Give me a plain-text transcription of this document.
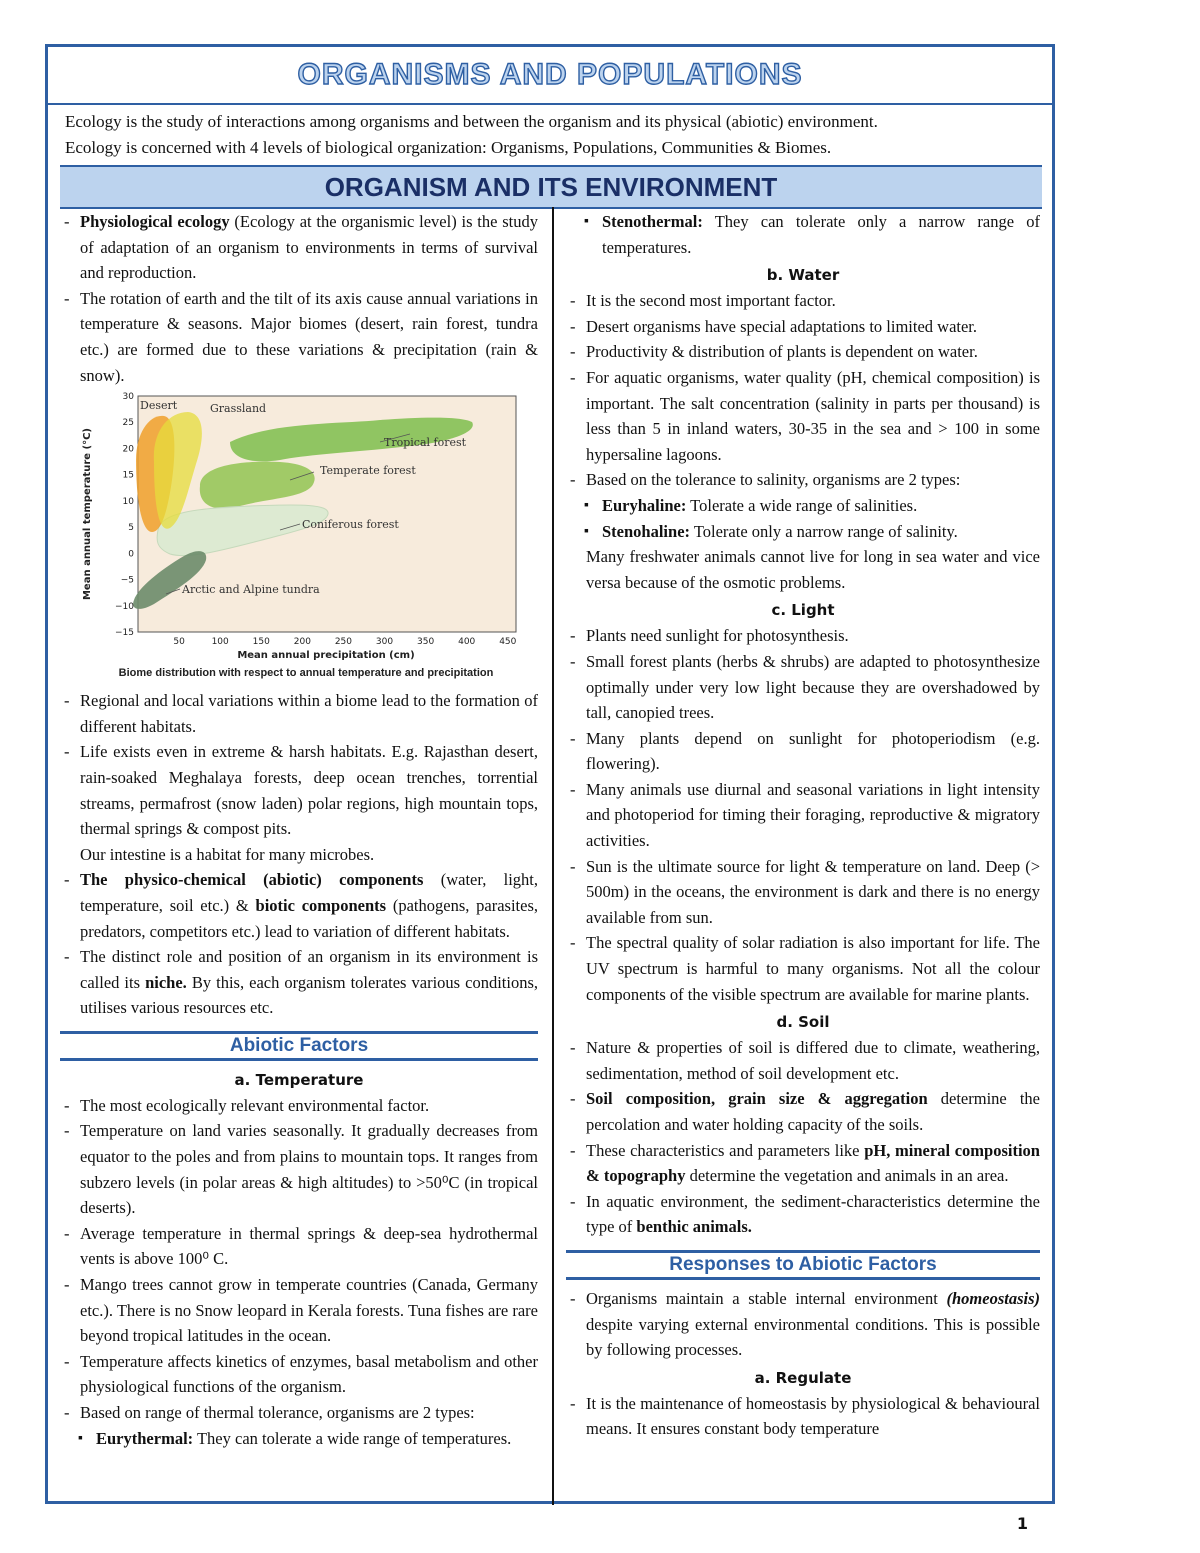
ORGANISMS AND POPULATIONS

Ecology is the study of interactions among organisms and between the organism and its physical (abiotic) environment.

Ecology is concerned with 4 levels of biological organization: Organisms, Populations, Communities & Biomes.

ORGANISM AND ITS ENVIRONMENT

- Physiological ecology (Ecology at the organismic level) is the study of adaptation of an organism to environments in terms of survival and reproduction.

- The rotation of earth and the tilt of its axis cause annual variations in temperature & seasons. Major biomes (desert, rain forest, tundra etc.) are formed due to these variations & precipitation (rain & snow).

Desert	Grassland
Tropical forest
Temperate forest
Coniferous forest
Arctic and Alpine tundra
30
25
20
15
10
5
0
−5
−10
−15
50	100	150	200	250	300	350	400	450
Mean annual temperature (°C)
Mean annual precipitation (cm)
Biome distribution with respect to annual temperature and precipitation

- Regional and local variations within a biome lead to the formation of different habitats.

- Life exists even in extreme & harsh habitats. E.g. Rajasthan desert, rain-soaked Meghalaya forests, deep ocean trenches, torrential streams, permafrost (snow laden) polar regions, high mountain tops, thermal springs & compost pits.

Our intestine is a habitat for many microbes.

- The physico-chemical (abiotic) components (water, light, temperature, soil etc.) & biotic components (pathogens, parasites, predators, competitors etc.) lead to variation of different habitats.

- The distinct role and position of an organism in its environment is called its niche. By this, each organism tolerates various conditions, utilises various resources etc.

Abiotic Factors
a. Temperature

- The most ecologically relevant environmental factor.

- Temperature on land varies seasonally. It gradually decreases from equator to the poles and from plains to mountain tops. It ranges from subzero levels (in polar areas & high altitudes) to >50⁰C (in tropical deserts).

- Average temperature in thermal springs & deep-sea hydrothermal vents is above 100⁰ C.

- Mango trees cannot grow in temperate countries (Canada, Germany etc.). There is no Snow leopard in Kerala forests. Tuna fishes are rare beyond tropical latitudes in the ocean.

- Temperature affects kinetics of enzymes, basal metabolism and other physiological functions of the organism.

- Based on range of thermal tolerance, organisms are 2 types:

▪ Eurythermal: They can tolerate a wide range of temperatures.

▪ Stenothermal: They can tolerate only a narrow range of temperatures.

b. Water

- It is the second most important factor.

- Desert organisms have special adaptations to limited water.

- Productivity & distribution of plants is dependent on water.

- For aquatic organisms, water quality (pH, chemical composition) is important. The salt concentration (salinity in parts per thousand) is less than 5 in inland waters, 30-35 in the sea and > 100 in some hypersaline lagoons.

- Based on the tolerance to salinity, organisms are 2 types:

▪ Euryhaline: Tolerate a wide range of salinities.

▪ Stenohaline: Tolerate only a narrow range of salinity.

Many freshwater animals cannot live for long in sea water and vice versa because of the osmotic problems.

c. Light

- Plants need sunlight for photosynthesis.

- Small forest plants (herbs & shrubs) are adapted to photosynthesize optimally under very low light because they are overshadowed by tall, canopied trees.

- Many plants depend on sunlight for photoperiodism (e.g. flowering).

- Many animals use diurnal and seasonal variations in light intensity and photoperiod for timing their foraging, reproductive & migratory activities.

- Sun is the ultimate source for light & temperature on land. Deep (> 500m) in the oceans, the environment is dark and there is no energy available from sun.

- The spectral quality of solar radiation is also important for life. The UV spectrum is harmful to many organisms. Not all the colour components of the visible spectrum are available for marine plants.

d. Soil

- Nature & properties of soil is differed due to climate, weathering, sedimentation, method of soil development etc.

- Soil composition, grain size & aggregation determine the percolation and water holding capacity of the soils.

- These characteristics and parameters like pH, mineral composition & topography determine the vegetation and animals in an area.

- In aquatic environment, the sediment-characteristics determine the type of benthic animals.

Responses to Abiotic Factors

- Organisms maintain a stable internal environment (homeostasis) despite varying external environmental conditions. This is possible by following processes.

a. Regulate

- It is the maintenance of homeostasis by physiological & behavioural means. It ensures constant body temperature

1
